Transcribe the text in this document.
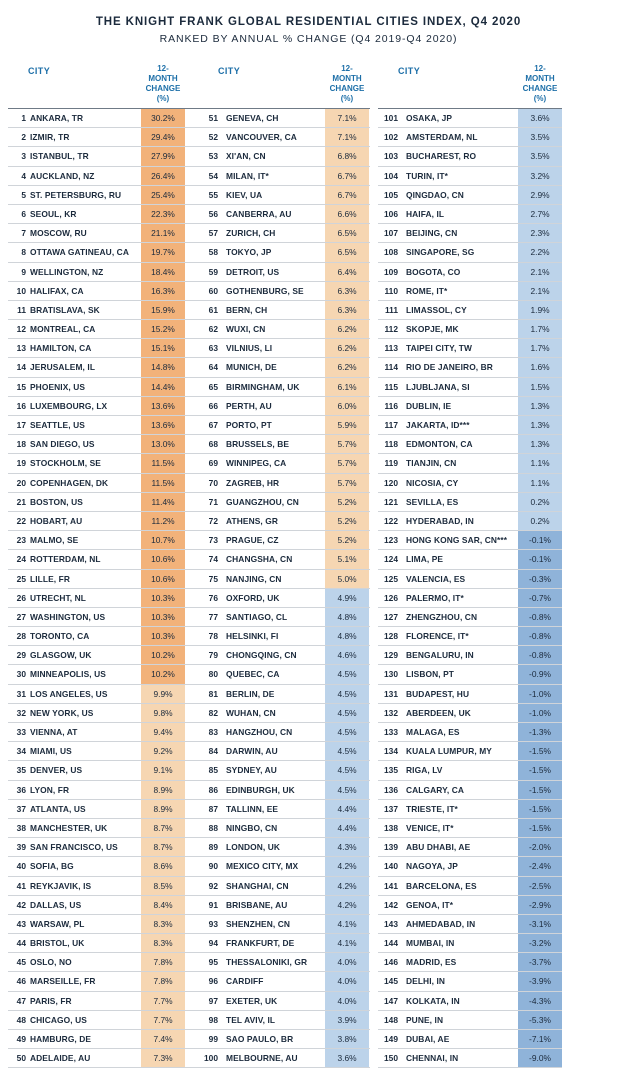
THE KNIGHT FRANK GLOBAL RESIDENTIAL CITIES INDEX, Q4 2020
RANKED BY ANNUAL % CHANGE (Q4 2019-Q4 2020)
CITY	12-
MONTH
CHANGE
(%)
1 ANKARA, TR	30.2%
2 IZMIR, TR	29.4%
3 ISTANBUL, TR	27.9%
4 AUCKLAND, NZ	26.4%
5 ST. PETERSBURG, RU	25.4%
6 SEOUL, KR	22.3%
7 MOSCOW, RU	21.1%
8 OTTAWA GATINEAU, CA	19.7%
9 WELLINGTON, NZ	18.4%
10 HALIFAX, CA	16.3%
11 BRATISLAVA, SK	15.9%
12 MONTREAL, CA	15.2%
13 HAMILTON, CA	15.1%
14 JERUSALEM, IL	14.8%
15 PHOENIX, US	14.4%
16 LUXEMBOURG, LX	13.6%
17 SEATTLE, US	13.6%
18 SAN DIEGO, US	13.0%
19 STOCKHOLM, SE	11.5%
20 COPENHAGEN, DK	11.5%
21 BOSTON, US	11.4%
22 HOBART, AU	11.2%
23 MALMO, SE	10.7%
24 ROTTERDAM, NL	10.6%
25 LILLE, FR	10.6%
26 UTRECHT, NL	10.3%
27 WASHINGTON, US	10.3%
28 TORONTO, CA	10.3%
29 GLASGOW, UK	10.2%
30 MINNEAPOLIS, US	10.2%
31 LOS ANGELES, US	9.9%
32 NEW YORK, US	9.8%
33 VIENNA, AT	9.4%
34 MIAMI, US	9.2%
35 DENVER, US	9.1%
36 LYON, FR	8.9%
37 ATLANTA, US	8.9%
38 MANCHESTER, UK	8.7%
39 SAN FRANCISCO, US	8.7%
40 SOFIA, BG	8.6%
41 REYKJAVIK, IS	8.5%
42 DALLAS, US	8.4%
43 WARSAW, PL	8.3%
44 BRISTOL, UK	8.3%
45 OSLO, NO	7.8%
46 MARSEILLE, FR	7.8%
47 PARIS, FR	7.7%
48 CHICAGO, US	7.7%
49 HAMBURG, DE	7.4%
50 ADELAIDE, AU	7.3%
CITY	12-
MONTH
CHANGE
(%)
51 GENEVA, CH	7.1%
52 VANCOUVER, CA	7.1%
53 XI'AN, CN	6.8%
54 MILAN, IT*	6.7%
55 KIEV, UA	6.7%
56 CANBERRA, AU	6.6%
57 ZURICH, CH	6.5%
58 TOKYO, JP	6.5%
59 DETROIT, US	6.4%
60 GOTHENBURG, SE	6.3%
61 BERN, CH	6.3%
62 WUXI, CN	6.2%
63 VILNIUS, LI	6.2%
64 MUNICH, DE	6.2%
65 BIRMINGHAM, UK	6.1%
66 PERTH, AU	6.0%
67 PORTO, PT	5.9%
68 BRUSSELS, BE	5.7%
69 WINNIPEG, CA	5.7%
70 ZAGREB, HR	5.7%
71 GUANGZHOU, CN	5.2%
72 ATHENS, GR	5.2%
73 PRAGUE, CZ	5.2%
74 CHANGSHA, CN	5.1%
75 NANJING, CN	5.0%
76 OXFORD, UK	4.9%
77 SANTIAGO, CL	4.8%
78 HELSINKI, FI	4.8%
79 CHONGQING, CN	4.6%
80 QUEBEC, CA	4.5%
81 BERLIN, DE	4.5%
82 WUHAN, CN	4.5%
83 HANGZHOU, CN	4.5%
84 DARWIN, AU	4.5%
85 SYDNEY, AU	4.5%
86 EDINBURGH, UK	4.5%
87 TALLINN, EE	4.4%
88 NINGBO, CN	4.4%
89 LONDON, UK	4.3%
90 MEXICO CITY, MX	4.2%
92 SHANGHAI, CN	4.2%
91 BRISBANE, AU	4.2%
93 SHENZHEN, CN	4.1%
94 FRANKFURT, DE	4.1%
95 THESSALONIKI, GR	4.0%
96 CARDIFF	4.0%
97 EXETER, UK	4.0%
98 TEL AVIV, IL	3.9%
99 SAO PAULO, BR	3.8%
100 MELBOURNE, AU	3.6%
CITY	12-
MONTH
CHANGE
(%)
101 OSAKA, JP	3.6%
102 AMSTERDAM, NL	3.5%
103 BUCHAREST, RO	3.5%
104 TURIN, IT*	3.2%
105 QINGDAO, CN	2.9%
106 HAIFA, IL	2.7%
107 BEIJING, CN	2.3%
108 SINGAPORE, SG	2.2%
109 BOGOTA, CO	2.1%
110 ROME, IT*	2.1%
111 LIMASSOL, CY	1.9%
112 SKOPJE, MK	1.7%
113 TAIPEI CITY, TW	1.7%
114 RIO DE JANEIRO, BR	1.6%
115 LJUBLJANA, SI	1.5%
116 DUBLIN, IE	1.3%
117 JAKARTA, ID***	1.3%
118 EDMONTON, CA	1.3%
119 TIANJIN, CN	1.1%
120 NICOSIA, CY	1.1%
121 SEVILLA, ES	0.2%
122 HYDERABAD, IN	0.2%
123 HONG KONG SAR, CN***	-0.1%
124 LIMA, PE	-0.1%
125 VALENCIA, ES	-0.3%
126 PALERMO, IT*	-0.7%
127 ZHENGZHOU, CN	-0.8%
128 FLORENCE, IT*	-0.8%
129 BENGALURU, IN	-0.8%
130 LISBON, PT	-0.9%
131 BUDAPEST, HU	-1.0%
132 ABERDEEN, UK	-1.0%
133 MALAGA, ES	-1.3%
134 KUALA LUMPUR, MY	-1.5%
135 RIGA, LV	-1.5%
136 CALGARY, CA	-1.5%
137 TRIESTE, IT*	-1.5%
138 VENICE, IT*	-1.5%
139 ABU DHABI, AE	-2.0%
140 NAGOYA, JP	-2.4%
141 BARCELONA, ES	-2.5%
142 GENOA, IT*	-2.9%
143 AHMEDABAD, IN	-3.1%
144 MUMBAI, IN	-3.2%
146 MADRID, ES	-3.7%
145 DELHI, IN	-3.9%
147 KOLKATA, IN	-4.3%
148 PUNE, IN	-5.3%
149 DUBAI, AE	-7.1%
150 CHENNAI, IN	-9.0%
